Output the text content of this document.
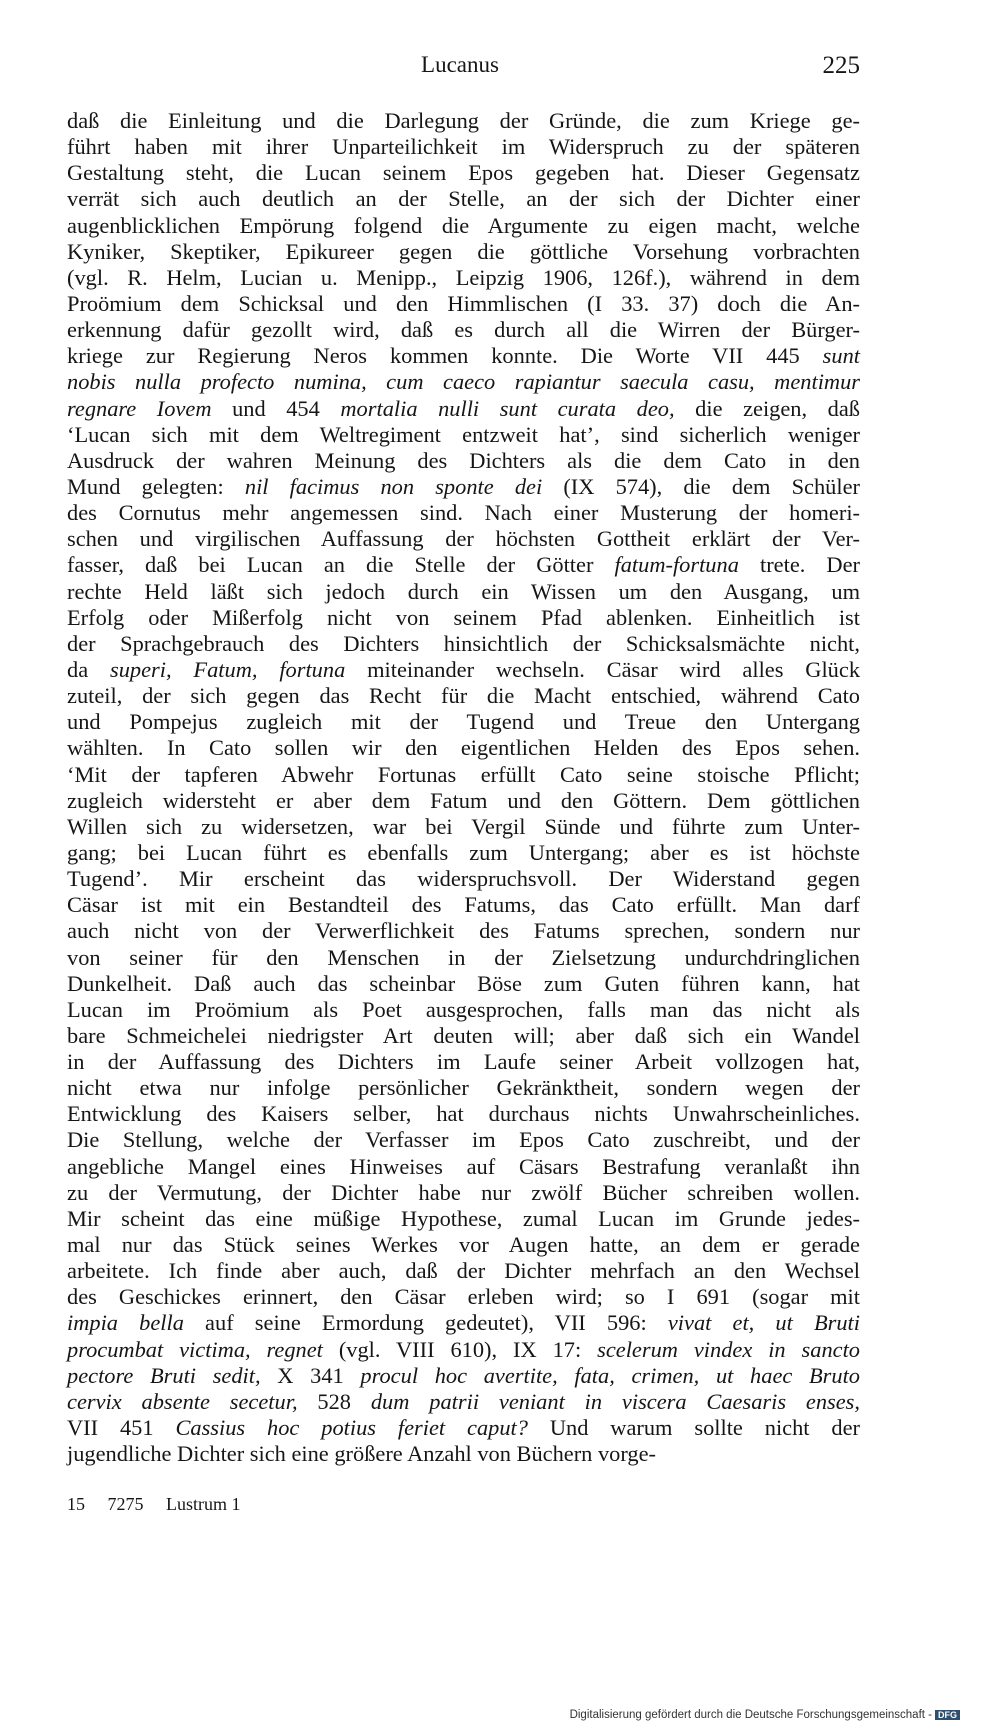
Lucanus	225
daß die Einleitung und die Darlegung der Gründe, die zum Kriege ge-
führt haben mit ihrer Unparteilichkeit im Widerspruch zu der späteren
Gestaltung steht, die Lucan seinem Epos gegeben hat. Dieser Gegensatz
verrät sich auch deutlich an der Stelle, an der sich der Dichter einer
augenblicklichen Empörung folgend die Argumente zu eigen macht, welche
Kyniker, Skeptiker, Epikureer gegen die göttliche Vorsehung vorbrachten
(vgl. R. Helm, Lucian u. Menipp., Leipzig 1906, 126f.), während in dem
Proömium dem Schicksal und den Himmlischen (I 33. 37) doch die An-
erkennung dafür gezollt wird, daß es durch all die Wirren der Bürger-
kriege zur Regierung Neros kommen konnte. Die Worte VII 445 sunt
nobis nulla profecto numina, cum caeco rapiantur saecula casu, mentimur
regnare Iovem und 454 mortalia nulli sunt curata deo, die zeigen, daß
‘Lucan sich mit dem Weltregiment entzweit hat’, sind sicherlich weniger
Ausdruck der wahren Meinung des Dichters als die dem Cato in den
Mund gelegten: nil facimus non sponte dei (IX 574), die dem Schüler
des Cornutus mehr angemessen sind. Nach einer Musterung der homeri-
schen und virgilischen Auffassung der höchsten Gottheit erklärt der Ver-
fasser, daß bei Lucan an die Stelle der Götter fatum-fortuna trete. Der
rechte Held läßt sich jedoch durch ein Wissen um den Ausgang, um
Erfolg oder Mißerfolg nicht von seinem Pfad ablenken. Einheitlich ist
der Sprachgebrauch des Dichters hinsichtlich der Schicksalsmächte nicht,
da superi, Fatum, fortuna miteinander wechseln. Cäsar wird alles Glück
zuteil, der sich gegen das Recht für die Macht entschied, während Cato
und Pompejus zugleich mit der Tugend und Treue den Untergang
wählten. In Cato sollen wir den eigentlichen Helden des Epos sehen.
‘Mit der tapferen Abwehr Fortunas erfüllt Cato seine stoische Pflicht;
zugleich widersteht er aber dem Fatum und den Göttern. Dem göttlichen
Willen sich zu widersetzen, war bei Vergil Sünde und führte zum Unter-
gang; bei Lucan führt es ebenfalls zum Untergang; aber es ist höchste
Tugend’. Mir erscheint das widerspruchsvoll. Der Widerstand gegen
Cäsar ist mit ein Bestandteil des Fatums, das Cato erfüllt. Man darf
auch nicht von der Verwerflichkeit des Fatums sprechen, sondern nur
von seiner für den Menschen in der Zielsetzung undurchdringlichen
Dunkelheit. Daß auch das scheinbar Böse zum Guten führen kann, hat
Lucan im Proömium als Poet ausgesprochen, falls man das nicht als
bare Schmeichelei niedrigster Art deuten will; aber daß sich ein Wandel
in der Auffassung des Dichters im Laufe seiner Arbeit vollzogen hat,
nicht etwa nur infolge persönlicher Gekränktheit, sondern wegen der
Entwicklung des Kaisers selber, hat durchaus nichts Unwahrscheinliches.
Die Stellung, welche der Verfasser im Epos Cato zuschreibt, und der
angebliche Mangel eines Hinweises auf Cäsars Bestrafung veranlaßt ihn
zu der Vermutung, der Dichter habe nur zwölf Bücher schreiben wollen.
Mir scheint das eine müßige Hypothese, zumal Lucan im Grunde jedes-
mal nur das Stück seines Werkes vor Augen hatte, an dem er gerade
arbeitete. Ich finde aber auch, daß der Dichter mehrfach an den Wechsel
des Geschickes erinnert, den Cäsar erleben wird; so I 691 (sogar mit
impia bella auf seine Ermordung gedeutet), VII 596: vivat et, ut Bruti
procumbat victima, regnet (vgl. VIII 610), IX 17: scelerum vindex in sancto
pectore Bruti sedit, X 341 procul hoc avertite, fata, crimen, ut haec Bruto
cervix absente secetur, 528 dum patrii veniant in viscera Caesaris enses,
VII 451 Cassius hoc potius feriet caput? Und warum sollte nicht der
jugendliche Dichter sich eine größere Anzahl von Büchern vorge-
15 7275 Lustrum 1
Digitalisierung gefördert durch die Deutsche Forschungsgemeinschaft - DFG
